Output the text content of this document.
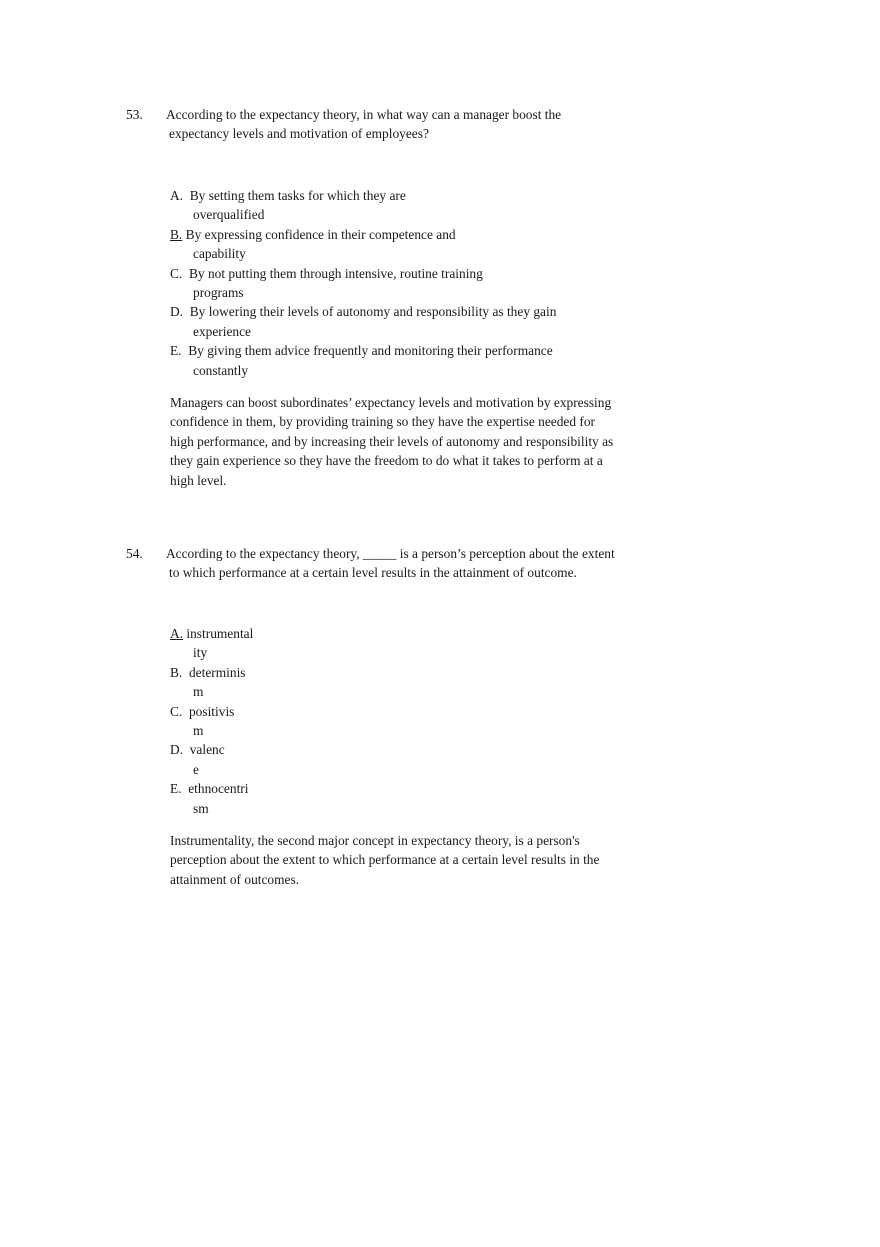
53. According to the expectancy theory, in what way can a manager boost the
expectancy levels and motivation of employees?
A. By setting them tasks for which they are
overqualified
B. By expressing confidence in their competence and
capability
C. By not putting them through intensive, routine training
programs
D. By lowering their levels of autonomy and responsibility as they gain
experience
E. By giving them advice frequently and monitoring their performance
constantly
Managers can boost subordinates’ expectancy levels and motivation by expressing
confidence in them, by providing training so they have the expertise needed for
high performance, and by increasing their levels of autonomy and responsibility as
they gain experience so they have the freedom to do what it takes to perform at a
high level.
54. According to the expectancy theory, _____ is a person’s perception about the extent
to which performance at a certain level results in the attainment of outcome.
A. instrumental
ity
B. determinis
m
C. positivis
m
D. valenc
e
E. ethnocentri
sm
Instrumentality, the second major concept in expectancy theory, is a person's
perception about the extent to which performance at a certain level results in the
attainment of outcomes.
